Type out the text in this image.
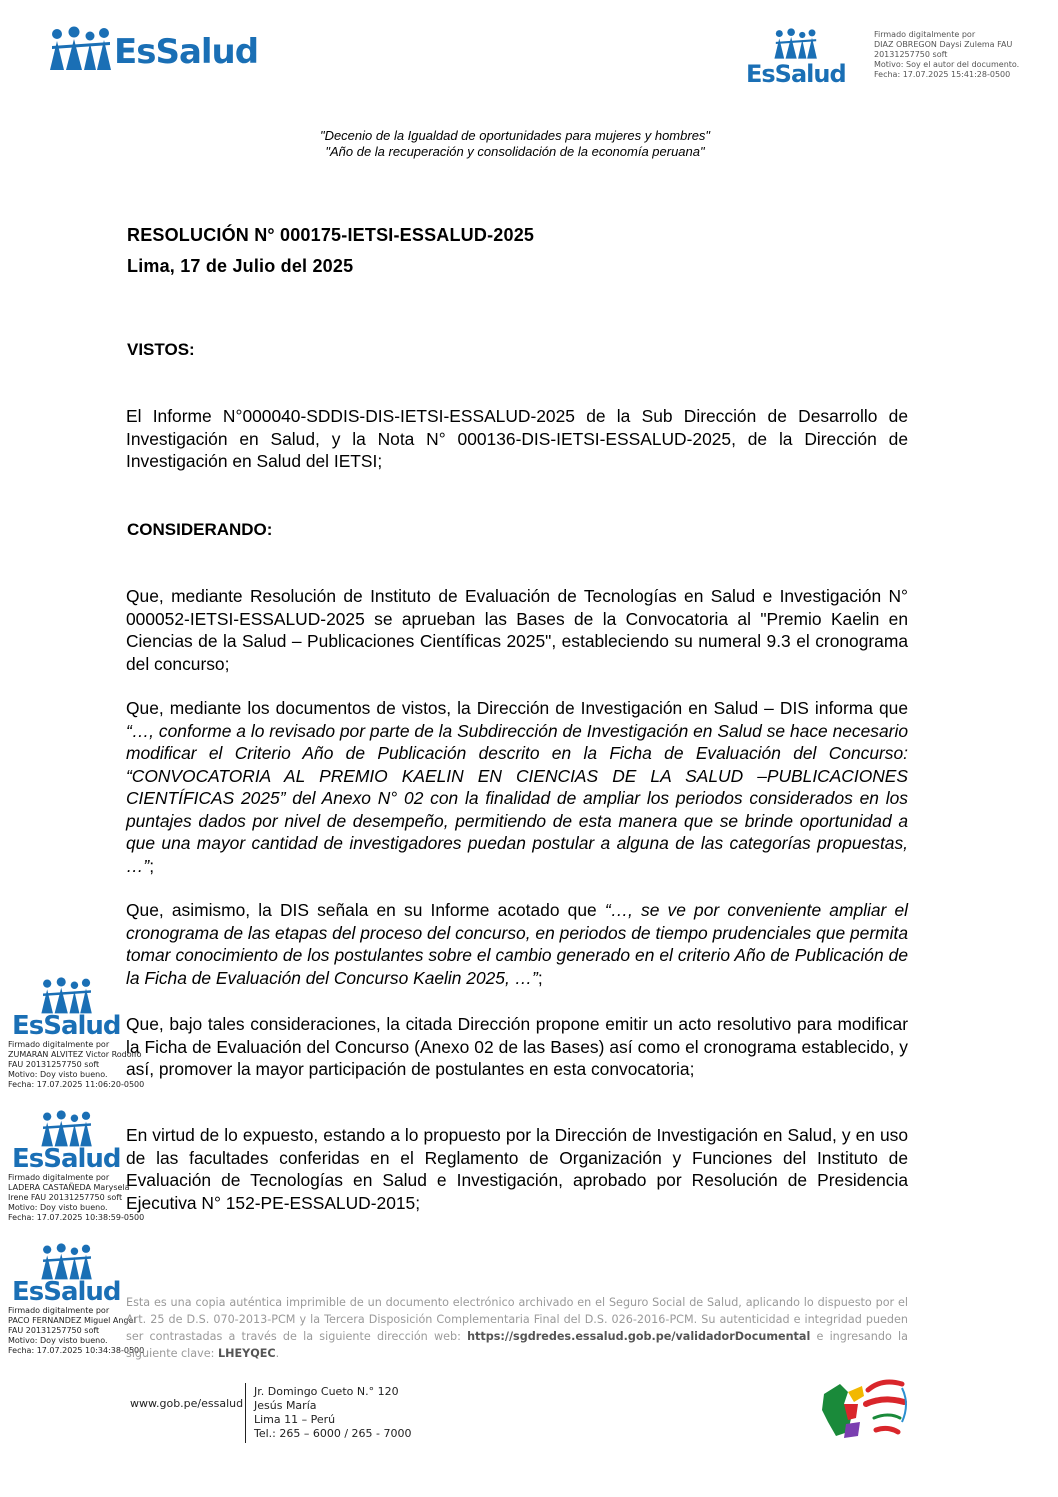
EsSalud
EsSalud
Firmado digitalmente por
DIAZ OBREGON Daysi Zulema FAU
20131257750 soft
Motivo: Soy el autor del documento.
Fecha: 17.07.2025 15:41:28-0500
"Decenio de la Igualdad de oportunidades para mujeres y hombres"
"Año de la recuperación y consolidación de la economía peruana"
RESOLUCIÓN N° 000175-IETSI-ESSALUD-2025
Lima, 17 de Julio del 2025
VISTOS:
El Informe N°000040-SDDIS-DIS-IETSI-ESSALUD-2025 de la Sub Dirección de Desarrollo de Investigación en Salud, y la Nota N° 000136-DIS-IETSI-ESSALUD-2025, de la Dirección de Investigación en Salud del IETSI;
CONSIDERANDO:
Que, mediante Resolución de Instituto de Evaluación de Tecnologías en Salud e Investigación N° 000052-IETSI-ESSALUD-2025 se aprueban las Bases de la Convocatoria al "Premio Kaelin en Ciencias de la Salud – Publicaciones Científicas 2025", estableciendo su numeral 9.3 el cronograma del concurso;
Que, mediante los documentos de vistos, la Dirección de Investigación en Salud – DIS informa que “…, conforme a lo revisado por parte de la Subdirección de Investigación en Salud se hace necesario modificar el Criterio Año de Publicación descrito en la Ficha de Evaluación del Concurso: “CONVOCATORIA AL PREMIO KAELIN EN CIENCIAS DE LA SALUD –PUBLICACIONES CIENTÍFICAS 2025” del Anexo N° 02 con la finalidad de ampliar los periodos considerados en los puntajes dados por nivel de desempeño, permitiendo de esta manera que se brinde oportunidad a que una mayor cantidad de investigadores puedan postular a alguna de las categorías propuestas, …”;
Que, asimismo, la DIS señala en su Informe acotado que “…, se ve por conveniente ampliar el cronograma de las etapas del proceso del concurso, en periodos de tiempo prudenciales que permita tomar conocimiento de los postulantes sobre el cambio generado en el criterio Año de Publicación de la Ficha de Evaluación del Concurso Kaelin 2025, …”;
Que, bajo tales consideraciones, la citada Dirección propone emitir un acto resolutivo para modificar la Ficha de Evaluación del Concurso (Anexo 02 de las Bases) así como el cronograma establecido, y así, promover la mayor participación de postulantes en esta convocatoria;
En virtud de lo expuesto, estando a lo propuesto por la Dirección de Investigación en Salud, y en uso de las facultades conferidas en el Reglamento de Organización y Funciones del Instituto de Evaluación de Tecnologías en Salud e Investigación, aprobado por Resolución de Presidencia Ejecutiva N° 152-PE-ESSALUD-2015;
EsSalud
Firmado digitalmente por
ZUMARAN ALVITEZ Victor Rodolfo
FAU 20131257750 soft
Motivo: Doy visto bueno.
Fecha: 17.07.2025 11:06:20-0500
EsSalud
Firmado digitalmente por
LADERA CASTAÑEDA Marysela
Irene FAU 20131257750 soft
Motivo: Doy visto bueno.
Fecha: 17.07.2025 10:38:59-0500
EsSalud
Firmado digitalmente por
PACO FERNANDEZ Miguel Angel
FAU 20131257750 soft
Motivo: Doy visto bueno.
Fecha: 17.07.2025 10:34:38-0500
Esta es una copia auténtica imprimible de un documento electrónico archivado en el Seguro Social de Salud, aplicando lo dispuesto por el Art. 25 de D.S. 070-2013-PCM y la Tercera Disposición Complementaria Final del D.S. 026-2016-PCM. Su autenticidad e integridad pueden ser contrastadas a través de la siguiente dirección web: https://sgdredes.essalud.gob.pe/validadorDocumental e ingresando la siguiente clave: LHEYQEC.
www.gob.pe/essalud
Jr. Domingo Cueto N.° 120
Jesús María
Lima 11 – Perú
Tel.: 265 – 6000 / 265 - 7000
